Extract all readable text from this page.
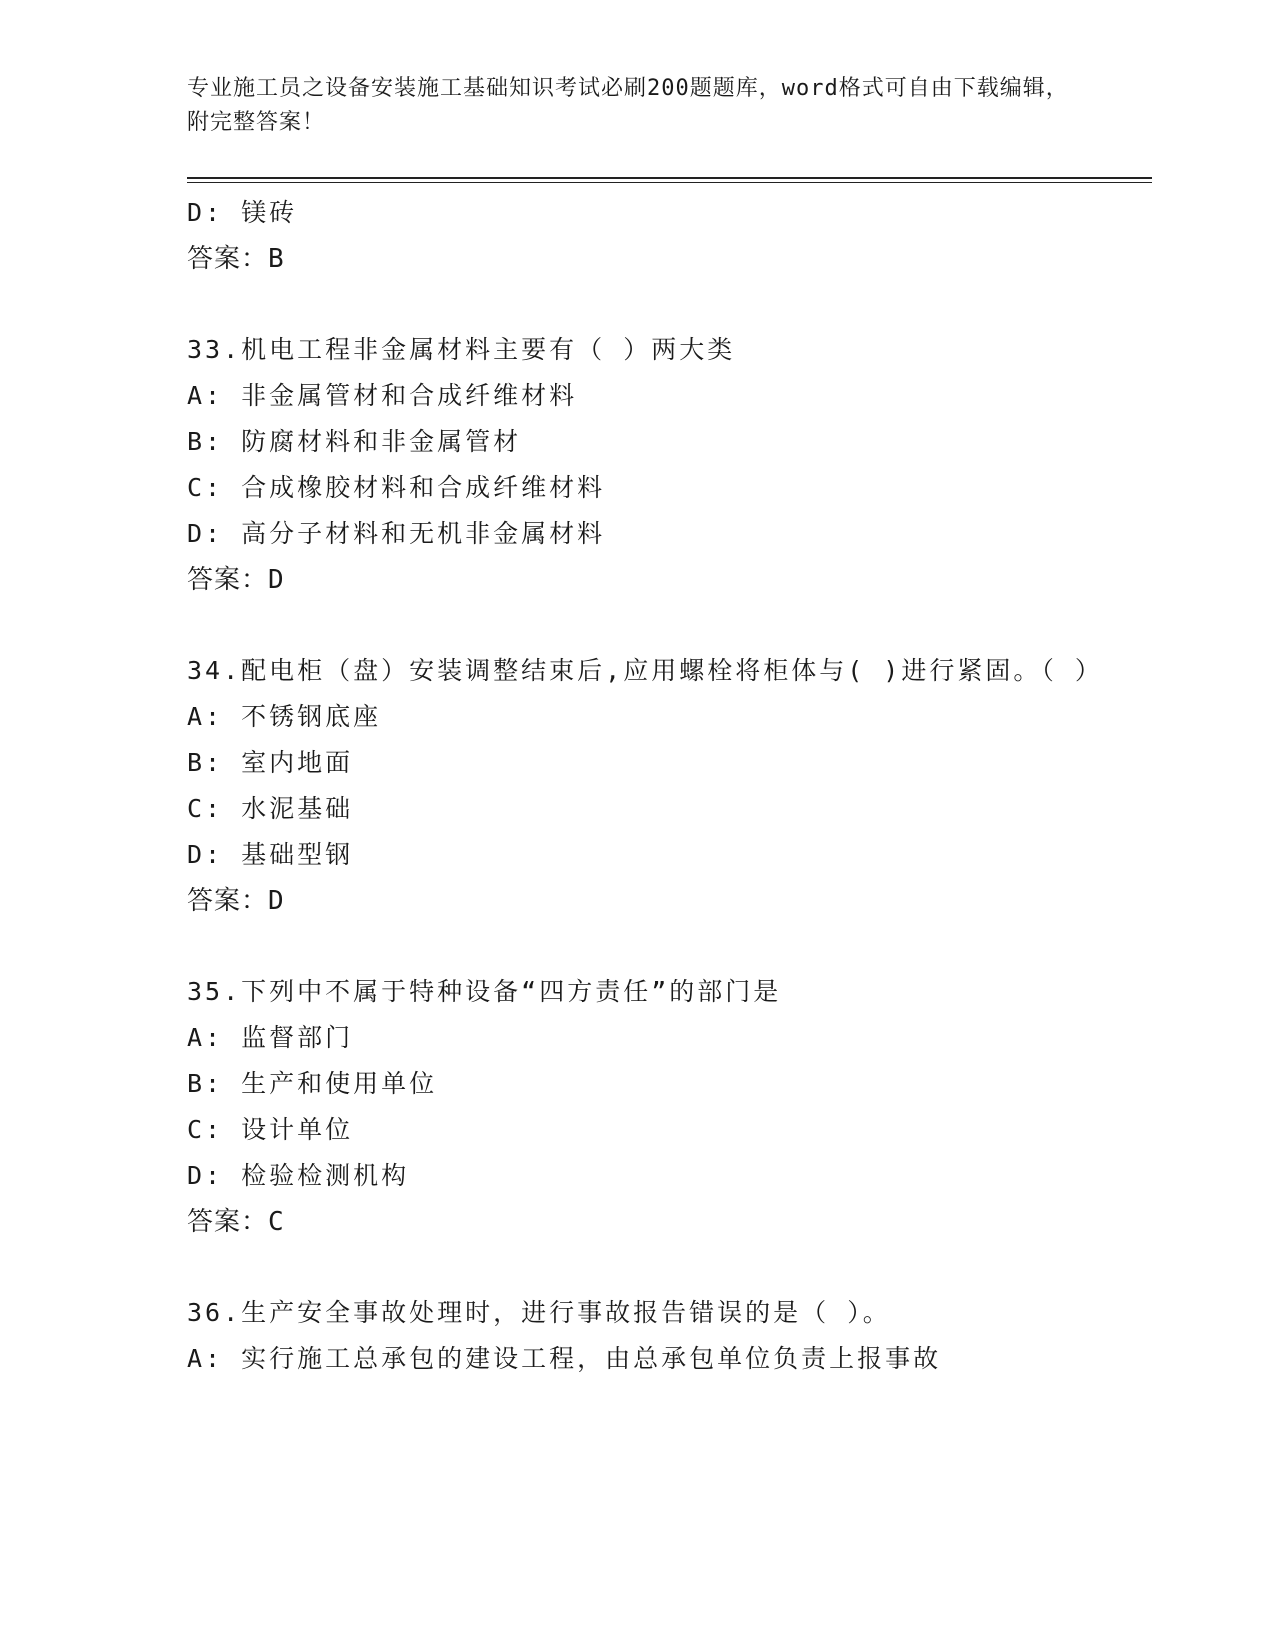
专业施工员之设备安装施工基础知识考试必刷200题题库，word格式可自由下载编辑，附完整答案！
D: 镁砖
答案：B
33.机电工程非金属材料主要有（ ）两大类
A: 非金属管材和合成纤维材料
B: 防腐材料和非金属管材
C: 合成橡胶材料和合成纤维材料
D: 高分子材料和无机非金属材料
答案：D
34.配电柜（盘）安装调整结束后,应用螺栓将柜体与( )进行紧固。（ ）
A: 不锈钢底座
B: 室内地面
C: 水泥基础
D: 基础型钢
答案：D
35.下列中不属于特种设备“四方责任”的部门是
A: 监督部门
B: 生产和使用单位
C: 设计单位
D: 检验检测机构
答案：C
36.生产安全事故处理时，进行事故报告错误的是（ ）。
A: 实行施工总承包的建设工程，由总承包单位负责上报事故
